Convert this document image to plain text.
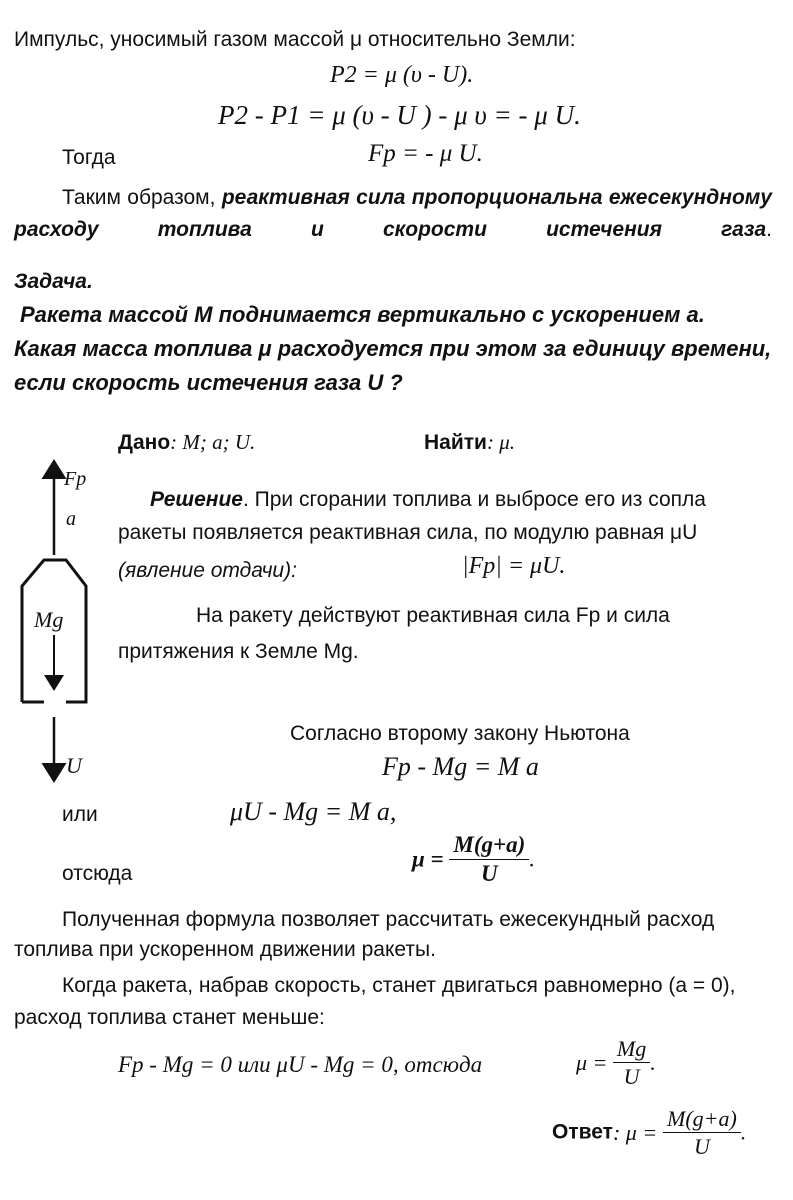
Импульс, уносимый газом массой μ относительно Земли:
P2 = μ (υ - U).
P2 - P1 = μ (υ - U ) - μ υ = - μ U.
Тогда	Fp = - μ U.
Таким образом, реактивная сила пропорциональна ежесекундному расходу топлива и скорости истечения газа.
Задача.
Ракета массой М поднимается вертикально с ускорением а.
Какая масса топлива μ расходуется при этом за единицу времени,
если скорость истечения газа U ?
Дано: M; a; U.	Найти: μ.
Fp
a
Mg
U
Решение. При сгорании топлива и выбросе его из сопла
ракеты появляется реактивная сила, по модулю равная μU
(явление отдачи):	|Fp| = μU.
На ракету действуют реактивная сила Fp и сила
притяжения к Земле Mg.
Согласно второму закону Ньютона
Fp - Mg = M a
или	μU - Mg = M a,
отсюда
$\mu = \frac{M(g+a)}{U}$ .
Полученная формула позволяет рассчитать ежесекундный расход
топлива при ускоренном движении ракеты.
Когда ракета, набрав скорость, станет двигаться равномерно (a = 0),
расход топлива станет меньше:
Fp - Mg = 0 или μU - Mg = 0, отсюда	$\mu = \frac{Mg}{U}$ .
Ответ: $\mu = \frac{M(g+a)}{U}$ .
